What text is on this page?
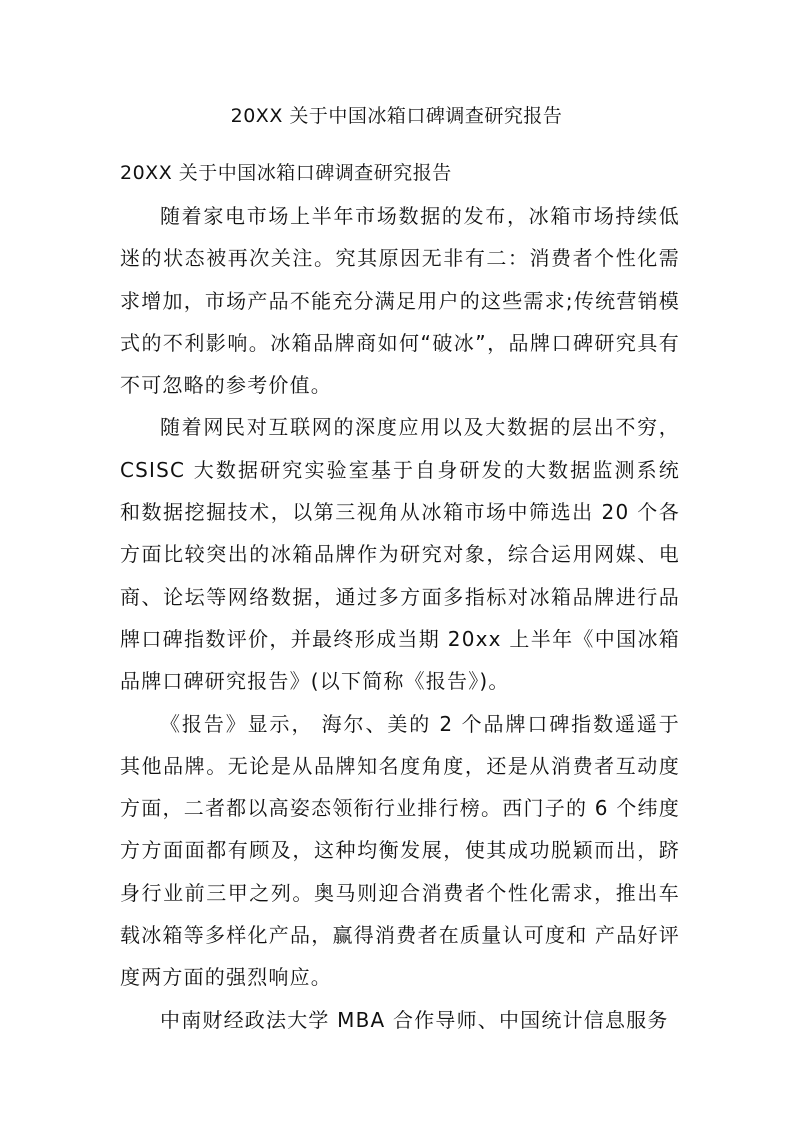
20XX 关于中国冰箱口碑调查研究报告

20XX 关于中国冰箱口碑调查研究报告

随着家电市场上半年市场数据的发布，冰箱市场持续低迷的状态被再次关注。究其原因无非有二：消费者个性化需求增加，市场产品不能充分满足用户的这些需求;传统营销模式的不利影响。冰箱品牌商如何“破冰”，品牌口碑研究具有不可忽略的参考价值。

随着网民对互联网的深度应用以及大数据的层出不穷，CSISC 大数据研究实验室基于自身研发的大数据监测系统和数据挖掘技术，以第三视角从冰箱市场中筛选出 20 个各方面比较突出的冰箱品牌作为研究对象，综合运用网媒、电商、论坛等网络数据，通过多方面多指标对冰箱品牌进行品牌口碑指数评价，并最终形成当期 20xx 上半年《中国冰箱品牌口碑研究报告》(以下简称《报告》)。

《报告》显示， 海尔、美的 2 个品牌口碑指数遥遥于其他品牌。无论是从品牌知名度角度，还是从消费者互动度方面，二者都以高姿态领衔行业排行榜。西门子的 6 个纬度方方面面都有顾及，这种均衡发展，使其成功脱颖而出，跻身行业前三甲之列。奥马则迎合消费者个性化需求，推出车载冰箱等多样化产品，赢得消费者在质量认可度和 产品好评度两方面的强烈响应。

中南财经政法大学 MBA 合作导师、中国统计信息服务
